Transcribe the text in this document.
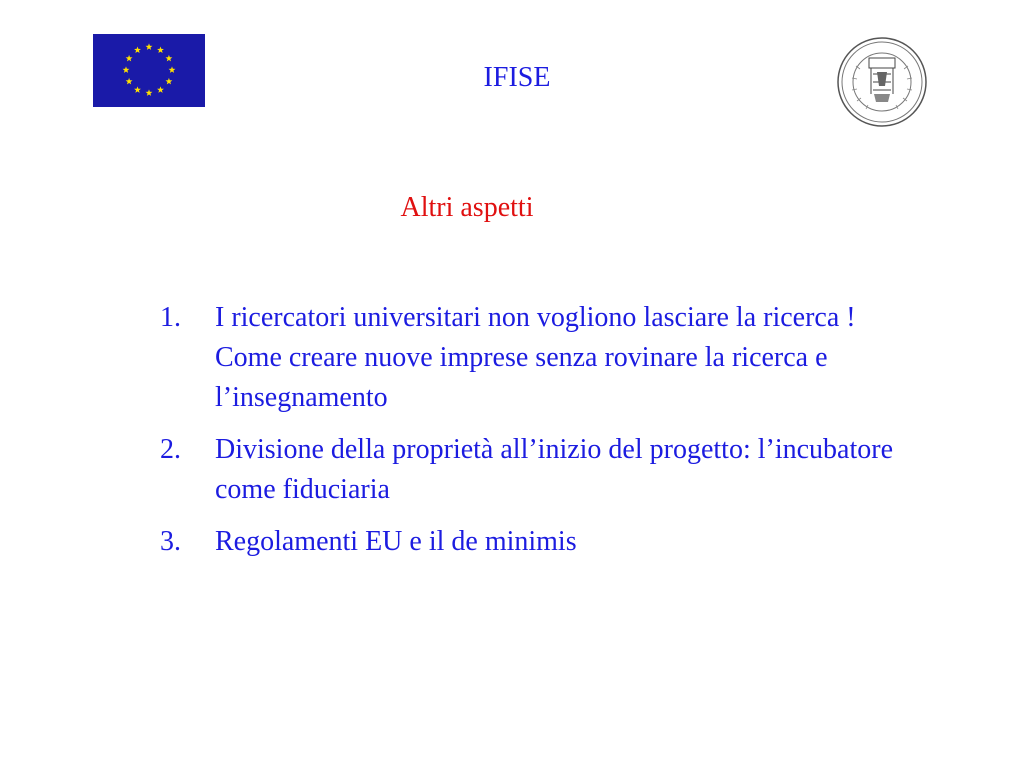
IFISE
Altri aspetti
1.	I ricercatori universitari non vogliono lasciare la ricerca ! Come creare nuove imprese senza rovinare la ricerca e l’insegnamento
2.	Divisione della proprietà all’inizio del progetto: l’incubatore come fiduciaria
3.	Regolamenti EU e il de minimis
